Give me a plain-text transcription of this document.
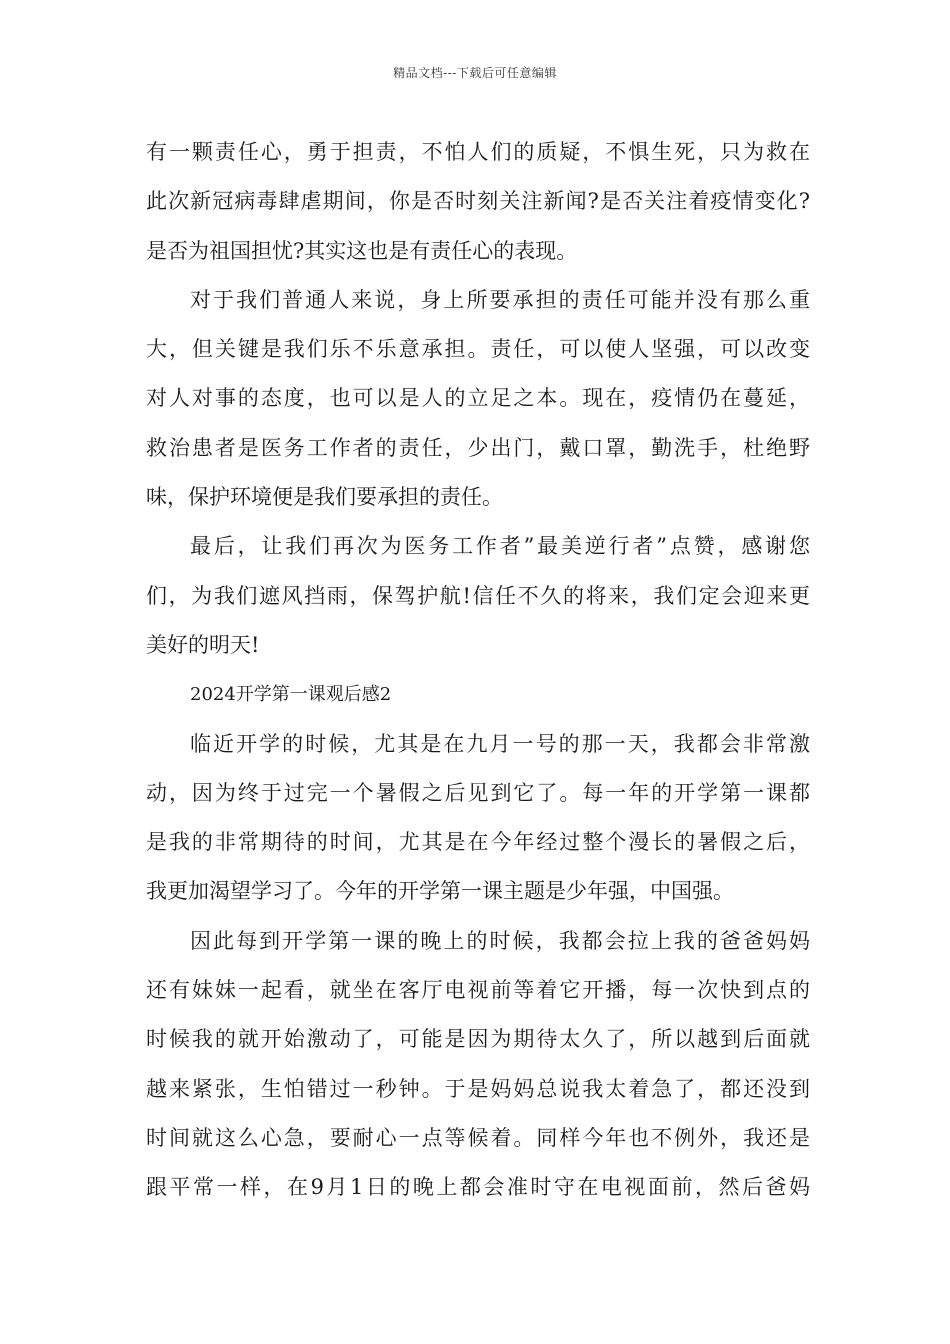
精品文档---下载后可任意编辑
有一颗责任心，勇于担责，不怕人们的质疑，不惧生死，只为救在
此次新冠病毒肆虐期间，你是否时刻关注新闻?是否关注着疫情变化?
是否为祖国担忧?其实这也是有责任心的表现。
对于我们普通人来说，身上所要承担的责任可能并没有那么重
大，但关键是我们乐不乐意承担。责任，可以使人坚强，可以改变
对人对事的态度，也可以是人的立足之本。现在，疫情仍在蔓延，
救治患者是医务工作者的责任，少出门，戴口罩，勤洗手，杜绝野
味，保护环境便是我们要承担的责任。
最后，让我们再次为医务工作者”最美逆行者”点赞，感谢您
们，为我们遮风挡雨，保驾护航!信任不久的将来，我们定会迎来更
美好的明天!
2024开学第一课观后感2
临近开学的时候，尤其是在九月一号的那一天，我都会非常激
动，因为终于过完一个暑假之后见到它了。每一年的开学第一课都
是我的非常期待的时间，尤其是在今年经过整个漫长的暑假之后，
我更加渴望学习了。今年的开学第一课主题是少年强，中国强。
因此每到开学第一课的晚上的时候，我都会拉上我的爸爸妈妈
还有妹妹一起看，就坐在客厅电视前等着它开播，每一次快到点的
时候我的就开始激动了，可能是因为期待太久了，所以越到后面就
越来紧张，生怕错过一秒钟。于是妈妈总说我太着急了，都还没到
时间就这么心急，要耐心一点等候着。同样今年也不例外，我还是
跟平常一样，在9月1日的晚上都会准时守在电视面前，然后爸妈
